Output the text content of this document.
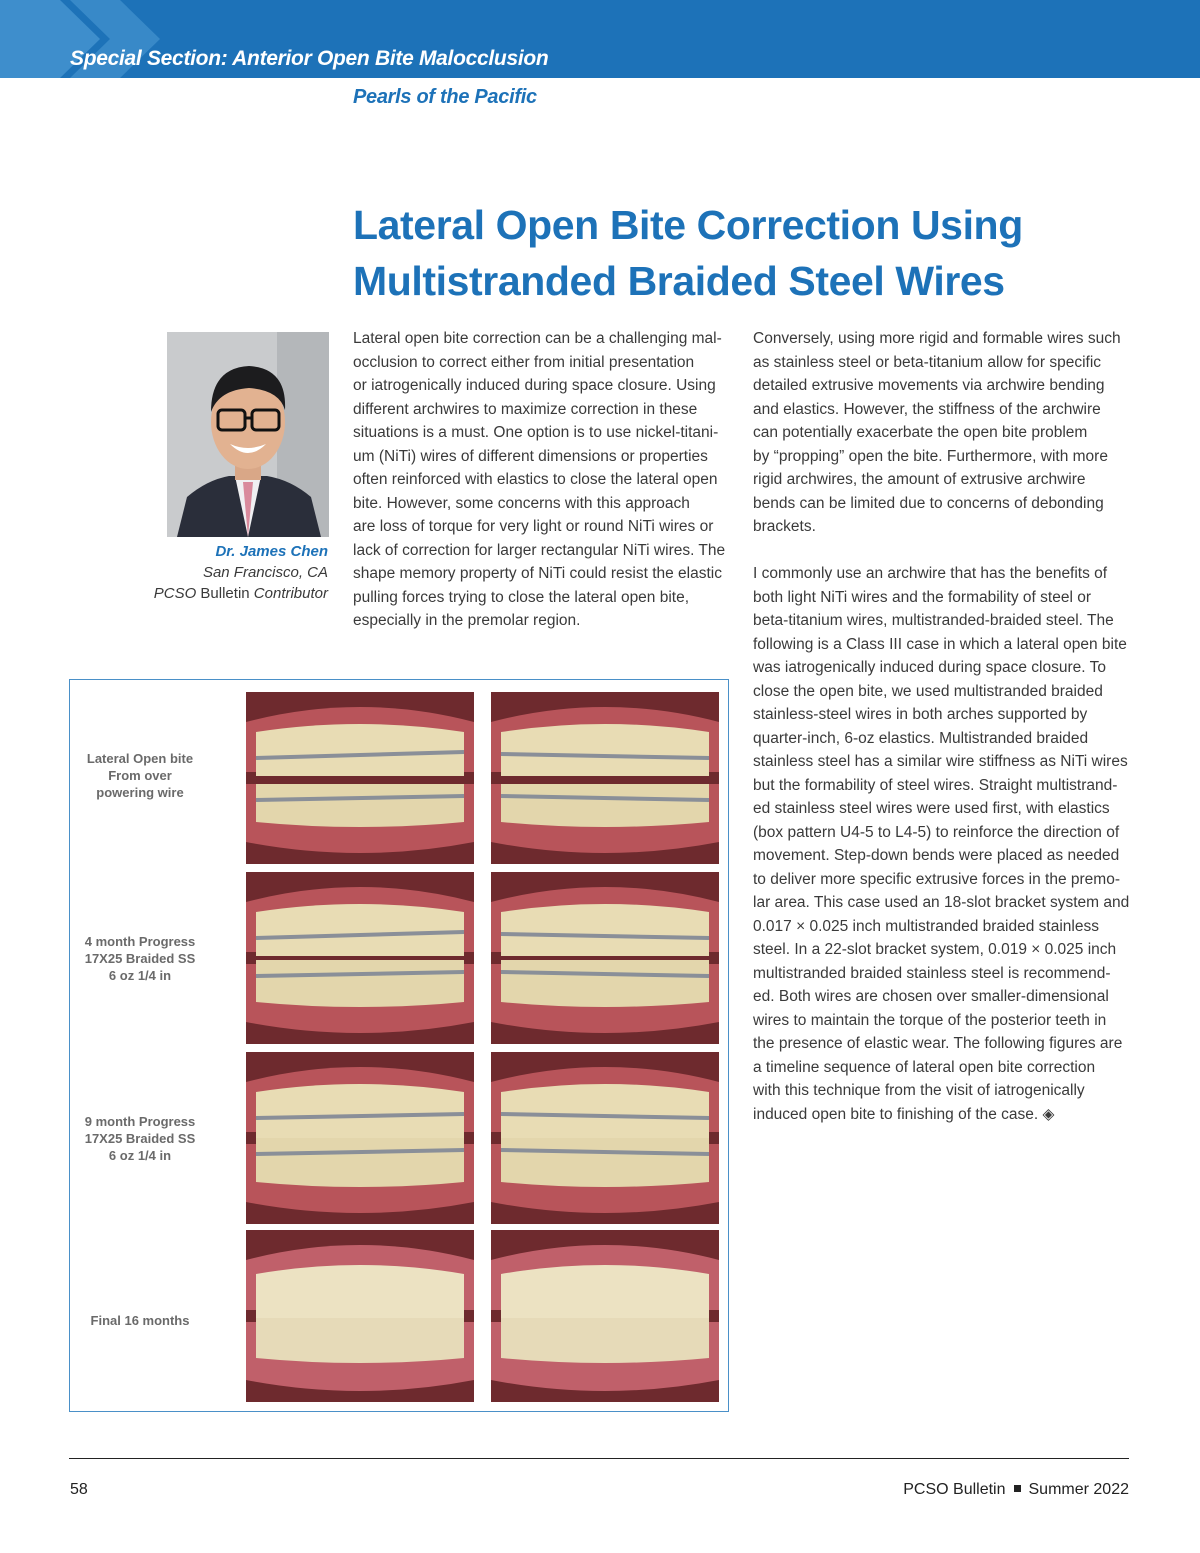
Special Section: Anterior Open Bite Malocclusion
Pearls of the Pacific
Lateral Open Bite Correction Using
Multistranded Braided Steel Wires
Dr. James Chen
San Francisco, CA
PCSO Bulletin Contributor
Lateral open bite correction can be a challenging mal-
occlusion to correct either from initial presentation
or iatrogenically induced during space closure. Using
different archwires to maximize correction in these
situations is a must. One option is to use nickel-titani-
um (NiTi) wires of different dimensions or properties
often reinforced with elastics to close the lateral open
bite. However, some concerns with this approach
are loss of torque for very light or round NiTi wires or
lack of correction for larger rectangular NiTi wires. The
shape memory property of NiTi could resist the elastic
pulling forces trying to close the lateral open bite,
especially in the premolar region.
Conversely, using more rigid and formable wires such
as stainless steel or beta-titanium allow for specific
detailed extrusive movements via archwire bending
and elastics. However, the stiffness of the archwire
can potentially exacerbate the open bite problem
by “propping” open the bite. Furthermore, with more
rigid archwires, the amount of extrusive archwire
bends can be limited due to concerns of debonding
brackets.
I commonly use an archwire that has the benefits of
both light NiTi wires and the formability of steel or
beta-titanium wires, multistranded-braided steel. The
following is a Class III case in which a lateral open bite
was iatrogenically induced during space closure. To
close the open bite, we used multistranded braided
stainless-steel wires in both arches supported by
quarter-inch, 6-oz elastics. Multistranded braided
stainless steel has a similar wire stiffness as NiTi wires
but the formability of steel wires. Straight multistrand-
ed stainless steel wires were used first, with elastics
(box pattern U4-5 to L4-5) to reinforce the direction of
movement. Step-down bends were placed as needed
to deliver more specific extrusive forces in the premo-
lar area. This case used an 18-slot bracket system and
0.017 × 0.025 inch multistranded braided stainless
steel. In a 22-slot bracket system, 0.019 × 0.025 inch
multistranded braided stainless steel is recommend-
ed. Both wires are chosen over smaller-dimensional
wires to maintain the torque of the posterior teeth in
the presence of elastic wear. The following figures are
a timeline sequence of lateral open bite correction
with this technique from the visit of iatrogenically
induced open bite to finishing of the case. ◈
Lateral Open bite
From over
powering wire
4 month Progress
17X25 Braided SS
6 oz 1/4 in
9 month Progress
17X25 Braided SS
6 oz 1/4 in
Final 16 months
58	PCSO Bulletin Summer 2022
